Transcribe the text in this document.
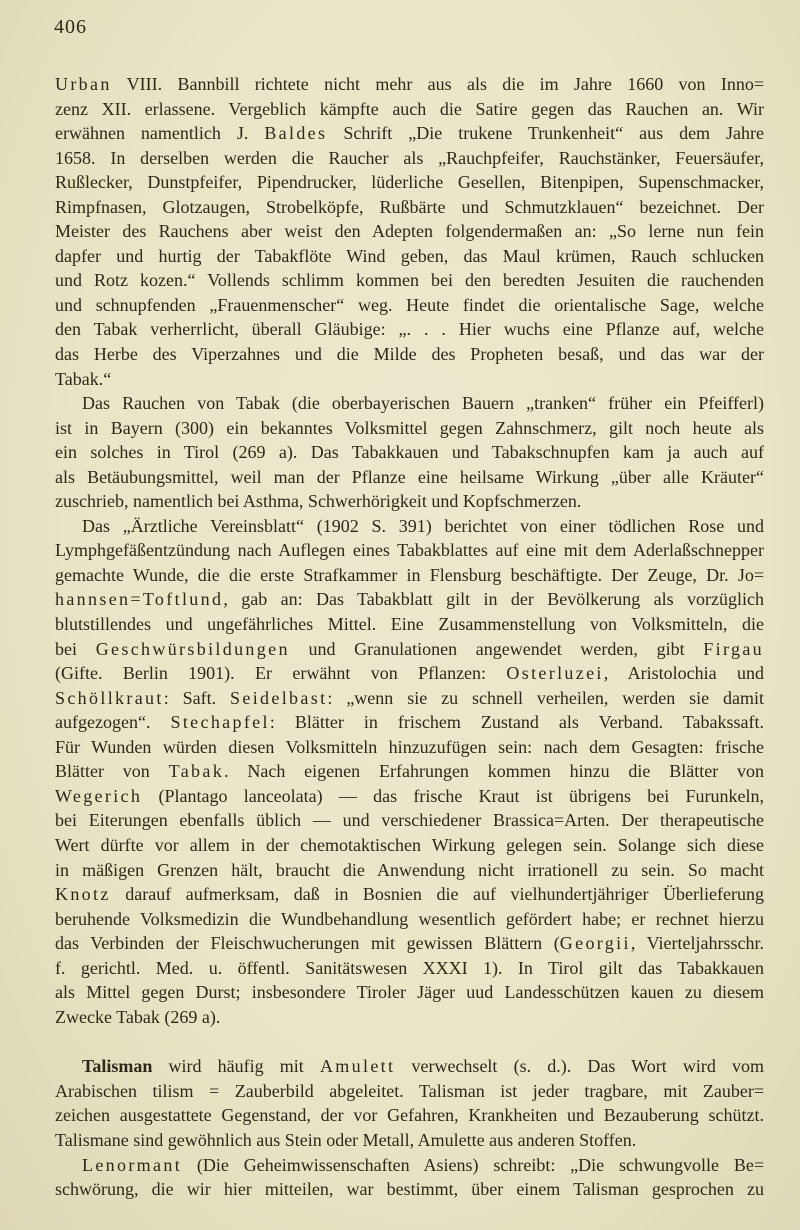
406
Urban VIII. Bannbill richtete nicht mehr aus als die im Jahre 1660 von Inno=
zenz XII. erlassene. Vergeblich kämpfte auch die Satire gegen das Rauchen an. Wir
erwähnen namentlich J. Baldes Schrift „Die trukene Trunkenheit“ aus dem Jahre
1658. In derselben werden die Raucher als „Rauchpfeifer, Rauchstänker, Feuersäufer,
Rußlecker, Dunstpfeifer, Pipendrucker, lüderliche Gesellen, Bitenpipen, Supenschmacker,
Rimpfnasen, Glotzaugen, Strobelköpfe, Rußbärte und Schmutzklauen“ bezeichnet. Der
Meister des Rauchens aber weist den Adepten folgendermaßen an: „So lerne nun fein
dapfer und hurtig der Tabakflöte Wind geben, das Maul krümen, Rauch schlucken
und Rotz kozen.“ Vollends schlimm kommen bei den beredten Jesuiten die rauchenden
und schnupfenden „Frauenmenscher“ weg. Heute findet die orientalische Sage, welche
den Tabak verherrlicht, überall Gläubige: „. . . Hier wuchs eine Pflanze auf, welche
das Herbe des Viperzahnes und die Milde des Propheten besaß, und das war der
Tabak.“
Das Rauchen von Tabak (die oberbayerischen Bauern „tranken“ früher ein Pfeifferl)
ist in Bayern (300) ein bekanntes Volksmittel gegen Zahnschmerz, gilt noch heute als
ein solches in Tirol (269 a). Das Tabakkauen und Tabakschnupfen kam ja auch auf
als Betäubungsmittel, weil man der Pflanze eine heilsame Wirkung „über alle Kräuter“
zuschrieb, namentlich bei Asthma, Schwerhörigkeit und Kopfschmerzen.
Das „Ärztliche Vereinsblatt“ (1902 S. 391) berichtet von einer tödlichen Rose und
Lymphgefäßentzündung nach Auflegen eines Tabakblattes auf eine mit dem Aderlaßschnepper
gemachte Wunde, die die erste Strafkammer in Flensburg beschäftigte. Der Zeuge, Dr. Jo=
hannsen=Toftlund, gab an: Das Tabakblatt gilt in der Bevölkerung als vorzüglich
blutstillendes und ungefährliches Mittel. Eine Zusammenstellung von Volksmitteln, die
bei Geschwürsbildungen und Granulationen angewendet werden, gibt Firgau
(Gifte. Berlin 1901). Er erwähnt von Pflanzen: Osterluzei, Aristolochia und
Schöllkraut: Saft. Seidelbast: „wenn sie zu schnell verheilen, werden sie damit
aufgezogen“. Stechapfel: Blätter in frischem Zustand als Verband. Tabakssaft.
Für Wunden würden diesen Volksmitteln hinzuzufügen sein: nach dem Gesagten: frische
Blätter von Tabak. Nach eigenen Erfahrungen kommen hinzu die Blätter von
Wegerich (Plantago lanceolata) — das frische Kraut ist übrigens bei Furunkeln,
bei Eiterungen ebenfalls üblich — und verschiedener Brassica=Arten. Der therapeutische
Wert dürfte vor allem in der chemotaktischen Wirkung gelegen sein. Solange sich diese
in mäßigen Grenzen hält, braucht die Anwendung nicht irrationell zu sein. So macht
Knotz darauf aufmerksam, daß in Bosnien die auf vielhundertjähriger Überlieferung
beruhende Volksmedizin die Wundbehandlung wesentlich gefördert habe; er rechnet hierzu
das Verbinden der Fleischwucherungen mit gewissen Blättern (Georgii, Vierteljahrsschr.
f. gerichtl. Med. u. öffentl. Sanitätswesen XXXI 1). In Tirol gilt das Tabakkauen
als Mittel gegen Durst; insbesondere Tiroler Jäger uud Landesschützen kauen zu diesem
Zwecke Tabak (269 a).
Talisman wird häufig mit Amulett verwechselt (s. d.). Das Wort wird vom
Arabischen tilism = Zauberbild abgeleitet. Talisman ist jeder tragbare, mit Zauber=
zeichen ausgestattete Gegenstand, der vor Gefahren, Krankheiten und Bezauberung schützt.
Talismane sind gewöhnlich aus Stein oder Metall, Amulette aus anderen Stoffen.
Lenormant (Die Geheimwissenschaften Asiens) schreibt: „Die schwungvolle Be=
schwörung, die wir hier mitteilen, war bestimmt, über einem Talisman gesprochen zu
